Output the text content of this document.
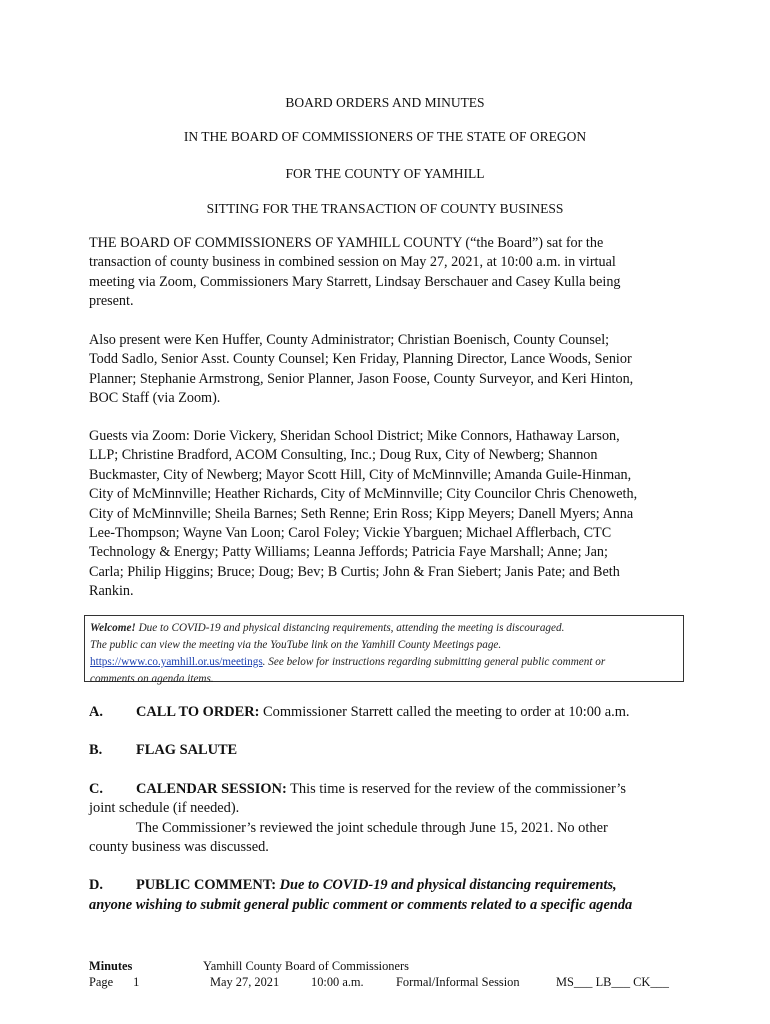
BOARD ORDERS AND MINUTES
IN THE BOARD OF COMMISSIONERS OF THE STATE OF OREGON
FOR THE COUNTY OF YAMHILL
SITTING FOR THE TRANSACTION OF COUNTY BUSINESS
THE BOARD OF COMMISSIONERS OF YAMHILL COUNTY (“the Board”) sat for the
transaction of county business in combined session on May 27, 2021, at 10:00 a.m. in virtual
meeting via Zoom, Commissioners Mary Starrett, Lindsay Berschauer and Casey Kulla being
present.
Also present were Ken Huffer, County Administrator; Christian Boenisch, County Counsel;
Todd Sadlo, Senior Asst. County Counsel; Ken Friday, Planning Director, Lance Woods, Senior
Planner; Stephanie Armstrong, Senior Planner, Jason Foose, County Surveyor, and Keri Hinton,
BOC Staff (via Zoom).
Guests via Zoom: Dorie Vickery, Sheridan School District; Mike Connors, Hathaway Larson,
LLP; Christine Bradford, ACOM Consulting, Inc.; Doug Rux, City of Newberg; Shannon
Buckmaster, City of Newberg; Mayor Scott Hill, City of McMinnville; Amanda Guile-Hinman,
City of McMinnville; Heather Richards, City of McMinnville; City Councilor Chris Chenoweth,
City of McMinnville; Sheila Barnes; Seth Renne; Erin Ross; Kipp Meyers; Danell Myers; Anna
Lee-Thompson; Wayne Van Loon; Carol Foley; Vickie Ybarguen; Michael Afflerbach, CTC
Technology & Energy; Patty Williams; Leanna Jeffords; Patricia Faye Marshall; Anne; Jan;
Carla; Philip Higgins; Bruce; Doug; Bev; B Curtis; John & Fran Siebert; Janis Pate; and Beth
Rankin.
Welcome! Due to COVID-19 and physical distancing requirements, attending the meeting is discouraged.
The public can view the meeting via the YouTube link on the Yamhill County Meetings page.
https://www.co.yamhill.or.us/meetings. See below for instructions regarding submitting general public comment or
comments on agenda items.
A. CALL TO ORDER: Commissioner Starrett called the meeting to order at 10:00 a.m.
B. FLAG SALUTE
C. CALENDAR SESSION: This time is reserved for the review of the commissioner’s
joint schedule (if needed).
The Commissioner’s reviewed the joint schedule through June 15, 2021. No other
county business was discussed.
D. PUBLIC COMMENT: Due to COVID-19 and physical distancing requirements,
anyone wishing to submit general public comment or comments related to a specific agenda
Minutes
Page 1
Yamhill County Board of Commissioners
May 27, 2021	10:00 a.m.	Formal/Informal Session	MS___ LB___ CK___
